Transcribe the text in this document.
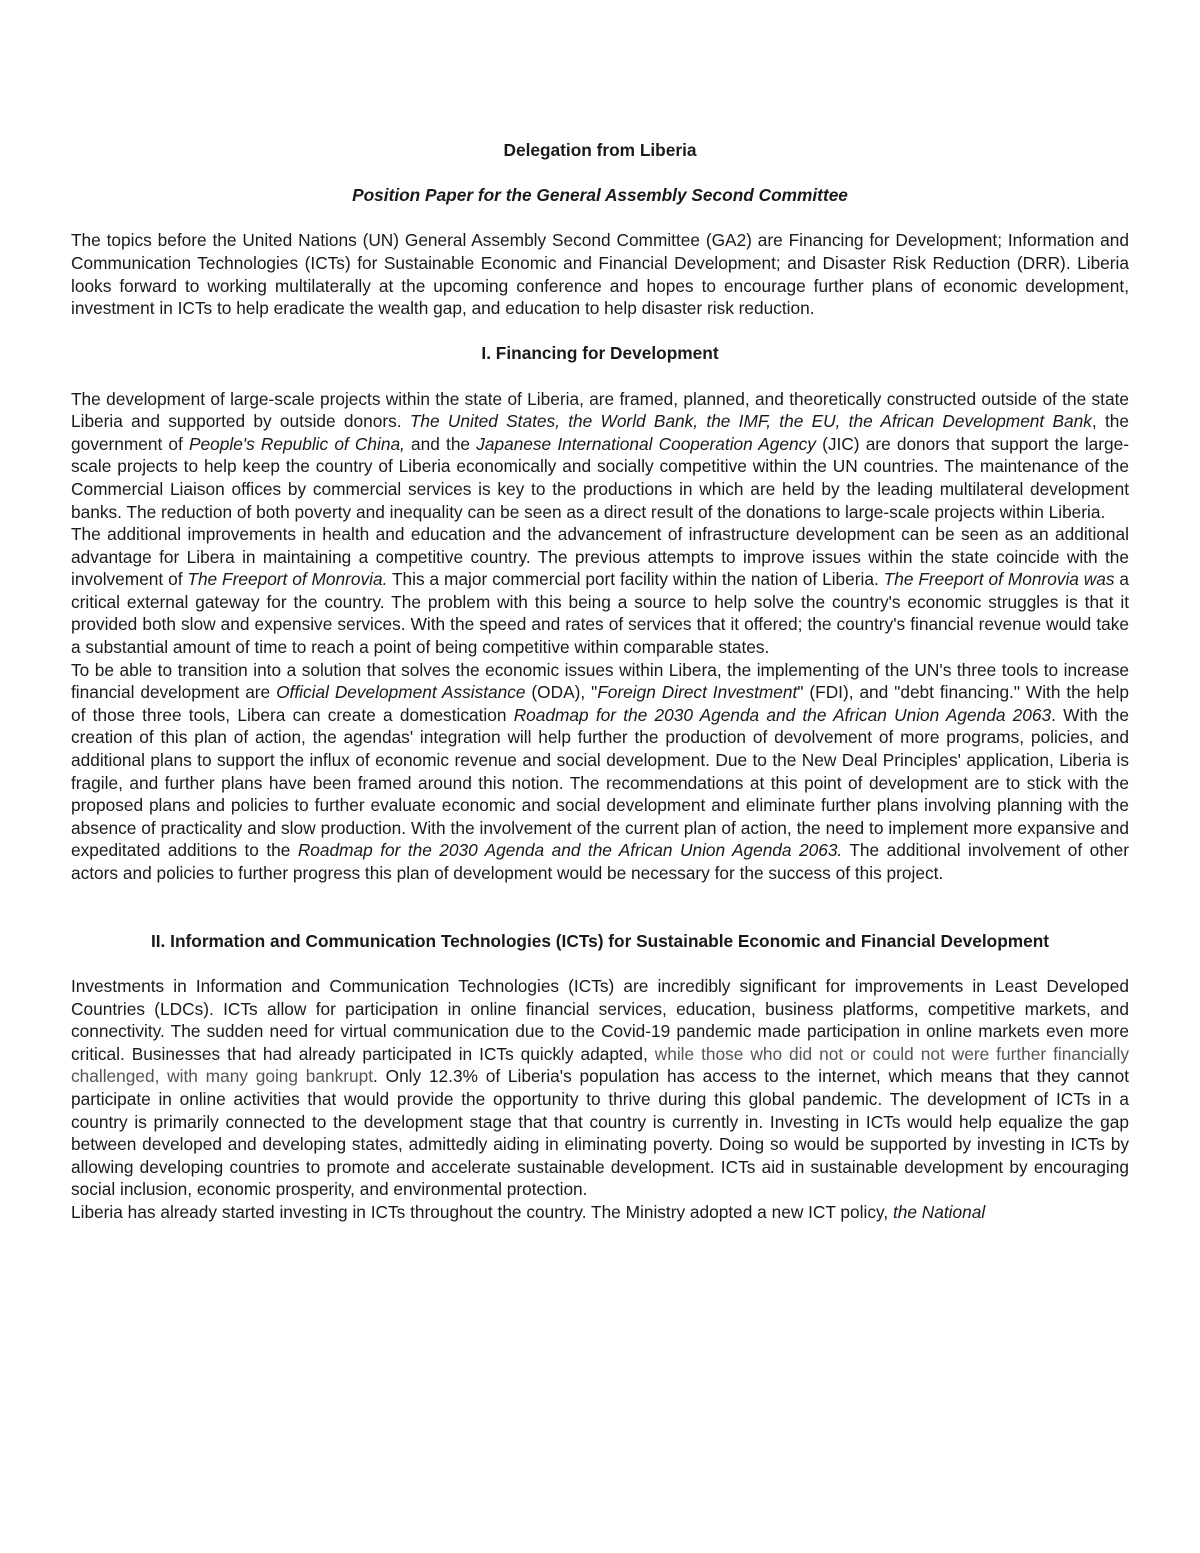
Delegation from Liberia
Position Paper for the General Assembly Second Committee

The topics before the United Nations (UN) General Assembly Second Committee (GA2) are Financing for Development; Information and Communication Technologies (ICTs) for Sustainable Economic and Financial Development; and Disaster Risk Reduction (DRR). Liberia looks forward to working multilaterally at the upcoming conference and hopes to encourage further plans of economic development, investment in ICTs to help eradicate the wealth gap, and education to help disaster risk reduction.

I. Financing for Development

The development of large-scale projects within the state of Liberia, are framed, planned, and theoretically constructed outside of the state Liberia and supported by outside donors. The United States, the World Bank, the IMF, the EU, the African Development Bank, the government of People's Republic of China, and the Japanese International Cooperation Agency (JIC) are donors that support the large-scale projects to help keep the country of Liberia economically and socially competitive within the UN countries. The maintenance of the Commercial Liaison offices by commercial services is key to the productions in which are held by the leading multilateral development banks. The reduction of both poverty and inequality can be seen as a direct result of the donations to large-scale projects within Liberia.

The additional improvements in health and education and the advancement of infrastructure development can be seen as an additional advantage for Libera in maintaining a competitive country. The previous attempts to improve issues within the state coincide with the involvement of The Freeport of Monrovia. This a major commercial port facility within the nation of Liberia. The Freeport of Monrovia was a critical external gateway for the country. The problem with this being a source to help solve the country's economic struggles is that it provided both slow and expensive services. With the speed and rates of services that it offered; the country's financial revenue would take a substantial amount of time to reach a point of being competitive within comparable states.

To be able to transition into a solution that solves the economic issues within Libera, the implementing of the UN's three tools to increase financial development are Official Development Assistance (ODA), "Foreign Direct Investment" (FDI), and "debt financing." With the help of those three tools, Libera can create a domestication Roadmap for the 2030 Agenda and the African Union Agenda 2063. With the creation of this plan of action, the agendas' integration will help further the production of devolvement of more programs, policies, and additional plans to support the influx of economic revenue and social development. Due to the New Deal Principles' application, Liberia is fragile, and further plans have been framed around this notion. The recommendations at this point of development are to stick with the proposed plans and policies to further evaluate economic and social development and eliminate further plans involving planning with the absence of practicality and slow production. With the involvement of the current plan of action, the need to implement more expansive and expeditated additions to the Roadmap for the 2030 Agenda and the African Union Agenda 2063. The additional involvement of other actors and policies to further progress this plan of development would be necessary for the success of this project.

II. Information and Communication Technologies (ICTs) for Sustainable Economic and Financial Development

Investments in Information and Communication Technologies (ICTs) are incredibly significant for improvements in Least Developed Countries (LDCs). ICTs allow for participation in online financial services, education, business platforms, competitive markets, and connectivity. The sudden need for virtual communication due to the Covid-19 pandemic made participation in online markets even more critical. Businesses that had already participated in ICTs quickly adapted, while those who did not or could not were further financially challenged, with many going bankrupt. Only 12.3% of Liberia's population has access to the internet, which means that they cannot participate in online activities that would provide the opportunity to thrive during this global pandemic. The development of ICTs in a country is primarily connected to the development stage that that country is currently in. Investing in ICTs would help equalize the gap between developed and developing states, admittedly aiding in eliminating poverty. Doing so would be supported by investing in ICTs by allowing developing countries to promote and accelerate sustainable development. ICTs aid in sustainable development by encouraging social inclusion, economic prosperity, and environmental protection.

Liberia has already started investing in ICTs throughout the country. The Ministry adopted a new ICT policy, the National
